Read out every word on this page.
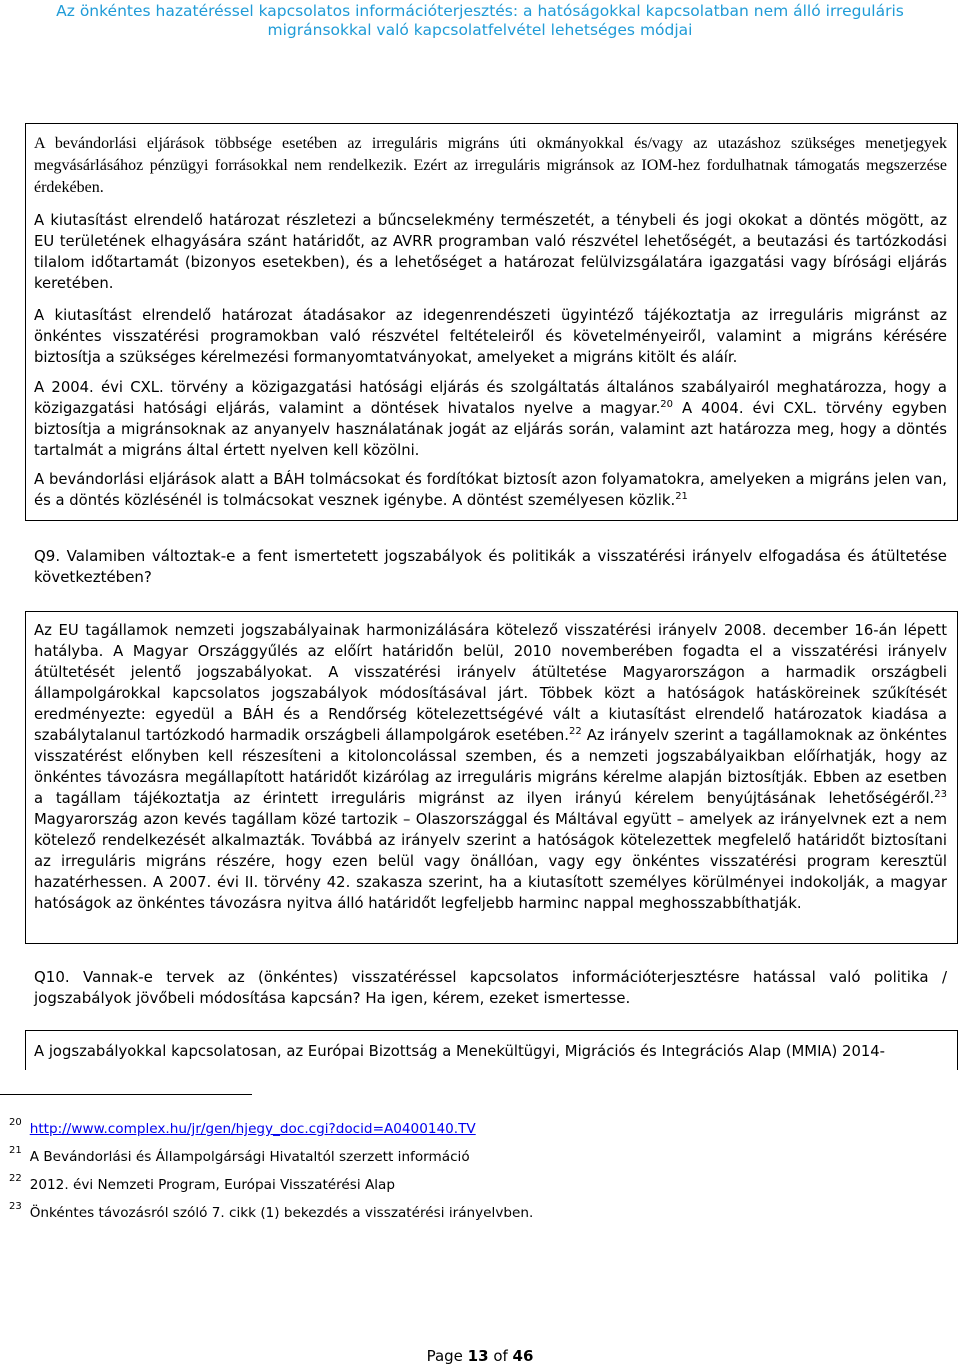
Az önkéntes hazatéréssel kapcsolatos információterjesztés: a hatóságokkal kapcsolatban nem álló irreguláris
migránsokkal való kapcsolatfelvétel lehetséges módjai

A bevándorlási eljárások többsége esetében az irreguláris migráns úti okmányokkal és/vagy az utazáshoz szükséges menetjegyek megvásárlásához pénzügyi forrásokkal nem rendelkezik. Ezért az irreguláris migránsok az IOM-hez fordulhatnak támogatás megszerzése érdekében.

A kiutasítást elrendelő határozat részletezi a bűncselekmény természetét, a ténybeli és jogi okokat a döntés mögött, az EU területének elhagyására szánt határidőt, az AVRR programban való részvétel lehetőségét, a beutazási és tartózkodási tilalom időtartamát (bizonyos esetekben), és a lehetőséget a határozat felülvizsgálatára igazgatási vagy bírósági eljárás keretében.

A kiutasítást elrendelő határozat átadásakor az idegenrendészeti ügyintéző tájékoztatja az irreguláris migránst az önkéntes visszatérési programokban való részvétel feltételeiről és követelményeiről, valamint a migráns kérésére biztosítja a szükséges kérelmezési formanyomtatványokat, amelyeket a migráns kitölt és aláír.

A 2004. évi CXL. törvény a közigazgatási hatósági eljárás és szolgáltatás általános szabályairól meghatározza, hogy a közigazgatási hatósági eljárás, valamint a döntések hivatalos nyelve a magyar.$^{20}$ A 4004. évi CXL. törvény egyben biztosítja a migránsoknak az anyanyelv használatának jogát az eljárás során, valamint azt határozza meg, hogy a döntés tartalmát a migráns által értett nyelven kell közölni.

A bevándorlási eljárások alatt a BÁH tolmácsokat és fordítókat biztosít azon folyamatokra, amelyeken a migráns jelen van, és a döntés közlésénél is tolmácsokat vesznek igénybe. A döntést személyesen közlik.$^{21}$

Q9. Valamiben változtak-e a fent ismertetett jogszabályok és politikák a visszatérési irányelv elfogadása és átültetése következtében?

Az EU tagállamok nemzeti jogszabályainak harmonizálására kötelező visszatérési irányelv 2008. december 16-án lépett hatályba. A Magyar Országgyűlés az előírt határidőn belül, 2010 novemberében fogadta el a visszatérési irányelv átültetését jelentő jogszabályokat. A visszatérési irányelv átültetése Magyarországon a harmadik országbeli állampolgárokkal kapcsolatos jogszabályok módosításával járt. Többek közt a hatóságok hatásköreinek szűkítését eredményezte: egyedül a BÁH és a Rendőrség kötelezettségévé vált a kiutasítást elrendelő határozatok kiadása a szabálytalanul tartózkodó harmadik országbeli állampolgárok esetében.$^{22}$ Az irányelv szerint a tagállamoknak az önkéntes visszatérést előnyben kell részesíteni a kitoloncolással szemben, és a nemzeti jogszabályaikban előírhatják, hogy az önkéntes távozásra megállapított határidőt kizárólag az irreguláris migráns kérelme alapján biztosítják. Ebben az esetben a tagállam tájékoztatja az érintett irreguláris migránst az ilyen irányú kérelem benyújtásának lehetőségéről.$^{23}$ Magyarország azon kevés tagállam közé tartozik – Olaszországgal és Máltával együtt – amelyek az irányelvnek ezt a nem kötelező rendelkezését alkalmazták. Továbbá az irányelv szerint a hatóságok kötelezettek megfelelő határidőt biztosítani az irreguláris migráns részére, hogy ezen belül vagy önállóan, vagy egy önkéntes visszatérési program keresztül hazatérhessen. A 2007. évi II. törvény 42. szakasza szerint, ha a kiutasított személyes körülményei indokolják, a magyar hatóságok az önkéntes távozásra nyitva álló határidőt legfeljebb harminc nappal meghosszabbíthatják.

Q10. Vannak-e tervek az (önkéntes) visszatéréssel kapcsolatos információterjesztésre hatással való politika / jogszabályok jövőbeli módosítása kapcsán? Ha igen, kérem, ezeket ismertesse.

A jogszabályokkal kapcsolatosan, az Európai Bizottság a Menekültügyi, Migrációs és Integrációs Alap (MMIA) 2014-

$^{20}$ http://www.complex.hu/jr/gen/hjegy_doc.cgi?docid=A0400140.TV
$^{21}$ A Bevándorlási és Állampolgársági Hivataltól szerzett információ
$^{22}$ 2012. évi Nemzeti Program, Európai Visszatérési Alap
$^{23}$ Önkéntes távozásról szóló 7. cikk (1) bekezdés a visszatérési irányelvben.
Page 13 of 46
